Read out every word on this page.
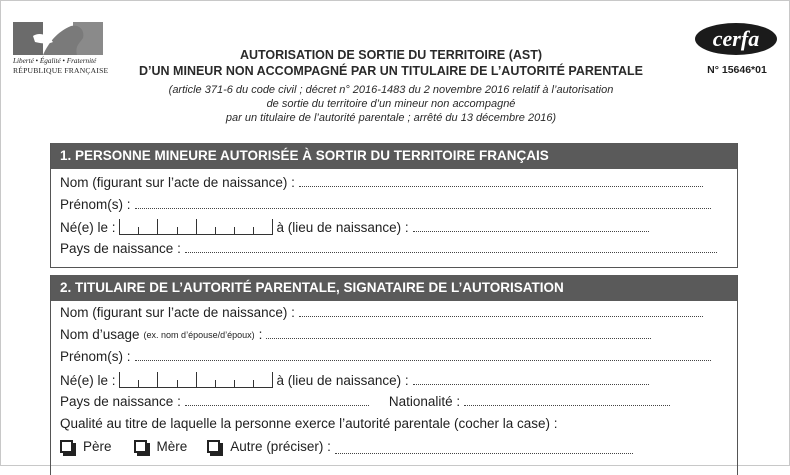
Liberté • Égalité • Fraternité
RÉPUBLIQUE FRANÇAISE
AUTORISATION DE SORTIE DU TERRITOIRE (AST)
D’UN MINEUR NON ACCOMPAGNÉ PAR UN TITULAIRE DE L’AUTORITÉ PARENTALE
(article 371-6 du code civil ; décret n° 2016-1483 du 2 novembre 2016 relatif à l’autorisation
de sortie du territoire d’un mineur non accompagné
par un titulaire de l’autorité parentale ; arrêté du 13 décembre 2016)
cerfa
N° 15646*01
1. PERSONNE MINEURE AUTORISÉE À SORTIR DU TERRITOIRE FRANÇAIS
Nom (figurant sur l’acte de naissance) :
Prénom(s) :
Né(e) le :	à (lieu de naissance) :
Pays de naissance :
2. TITULAIRE DE L’AUTORITÉ PARENTALE, SIGNATAIRE DE L’AUTORISATION
Nom (figurant sur l’acte de naissance) :
Nom d’usage (ex. nom d’épouse/d’époux) :
Prénom(s) :
Né(e) le :	à (lieu de naissance) :
Pays de naissance :	Nationalité :
Qualité au titre de laquelle la personne exerce l’autorité parentale (cocher la case) :
Père	Mère	Autre (préciser) :
